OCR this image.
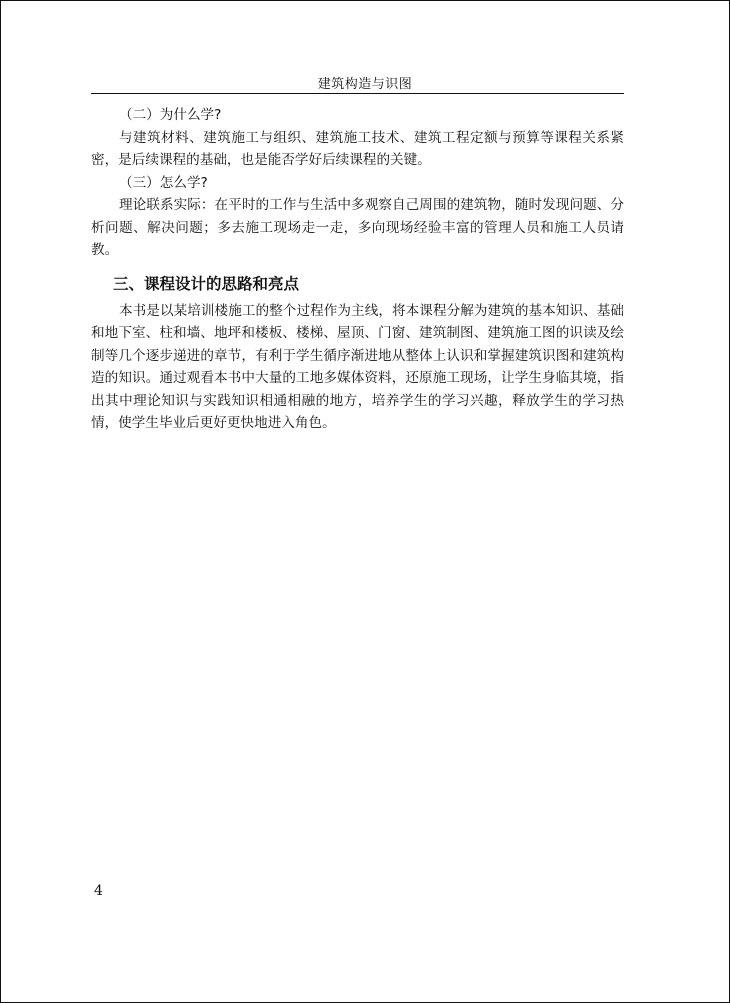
建筑构造与识图
（二）为什么学?

与建筑材料、建筑施工与组织、建筑施工技术、建筑工程定额与预算等课程关系紧密，是后续课程的基础，也是能否学好后续课程的关键。

（三）怎么学?

理论联系实际：在平时的工作与生活中多观察自己周围的建筑物，随时发现问题、分析问题、解决问题；多去施工现场走一走，多向现场经验丰富的管理人员和施工人员请教。

三、课程设计的思路和亮点

本书是以某培训楼施工的整个过程作为主线，将本课程分解为建筑的基本知识、基础和地下室、柱和墙、地坪和楼板、楼梯、屋顶、门窗、建筑制图、建筑施工图的识读及绘制等几个逐步递进的章节，有利于学生循序渐进地从整体上认识和掌握建筑识图和建筑构造的知识。通过观看本书中大量的工地多媒体资料，还原施工现场，让学生身临其境，指出其中理论知识与实践知识相通相融的地方，培养学生的学习兴趣，释放学生的学习热情，使学生毕业后更好更快地进入角色。

4
